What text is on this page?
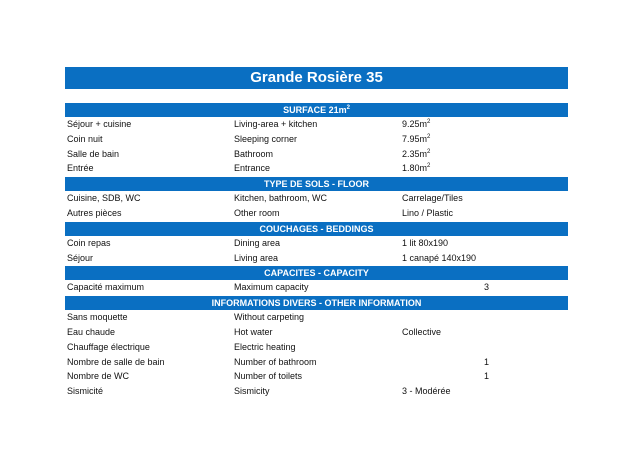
Grande Rosière 35
SURFACE $21m^2$
Séjour + cuisine	Living-area + kitchen	$9.25m^2$
Coin nuit	Sleeping corner	$7.95m^2$
Salle de bain	Bathroom	$2.35m^2$
Entrée	Entrance	$1.80m^2$
TYPE DE SOLS - FLOOR
Cuisine, SDB, WC	Kitchen, bathroom, WC	Carrelage/Tiles
Autres pièces	Other room	Lino / Plastic
COUCHAGES - BEDDINGS
Coin repas	Dining area	1 lit 80x190
Séjour	Living area	1 canapé 140x190
CAPACITES - CAPACITY
Capacité maximum	Maximum capacity	3
INFORMATIONS DIVERS - OTHER INFORMATION
Sans moquette	Without carpeting
Eau chaude	Hot water	Collective
Chauffage électrique	Electric heating
Nombre de salle de bain	Number of bathroom	1
Nombre de WC	Number of toilets	1
Sismicité	Sismicity	3 - Modérée
